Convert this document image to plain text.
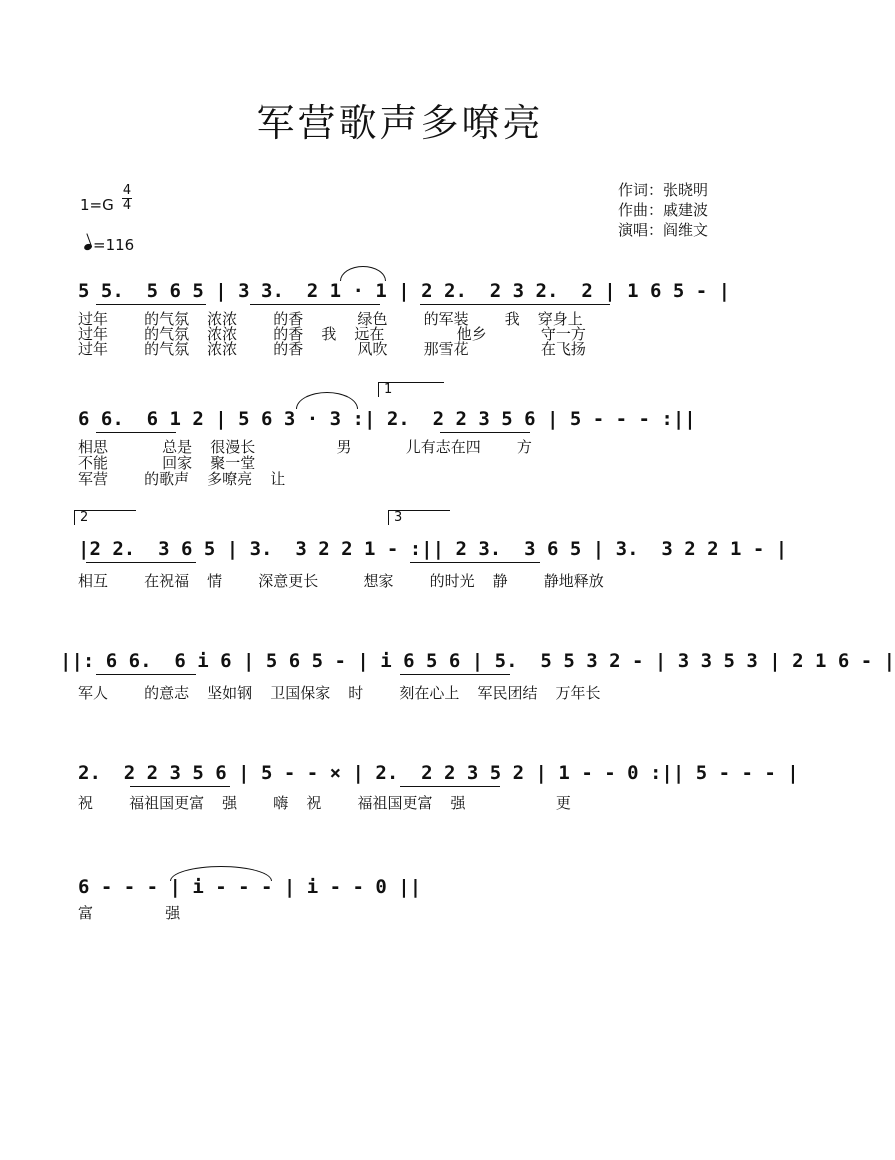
军营歌声多嘹亮
作词：张晓明
作曲：戚建波
演唱：阎维文
1=G
4
4
=116
5 5.  5 6 5 | 3 3.  2 1 · 1 | 2 2.  2 3 2.  2 | 1 6 5 - |
过年    的气氛  浓浓    的香      绿色    的军装    我  穿身上
过年    的气氛  浓浓    的香  我  远在        他乡      守一方
过年    的气氛  浓浓    的香      风吹    那雪花        在飞扬
1
6 6.  6 1 2 | 5 6 3 · 3 :| 2.  2 2 3 5 6 | 5 - - - :||
相思      总是  很漫长         男      儿有志在四    方
不能      回家  聚一堂
军营    的歌声  多嘹亮  让
2	3
|2 2.  3 6 5 | 3.  3 2 2 1 - :|| 2 3.  3 6 5 | 3.  3 2 2 1 - |
相互    在祝福  情    深意更长     想家    的时光  静    静地释放
||: 6 6.  6 i 6 | 5 6 5 - | i 6 5 6 | 5.  5 5 3 2 - | 3 3 5 3 | 2 1 6 - |
军人    的意志  坚如钢  卫国保家  时    刻在心上  军民团结  万年长
2.  2 2 3 5 6 | 5 - - × | 2.  2 2 3 5 2 | 1 - - 0 :|| 5 - - - |
祝    福祖国更富  强    嗨  祝    福祖国更富  强          更
6 - - - | i - - - | i - - 0 ||
富        强
